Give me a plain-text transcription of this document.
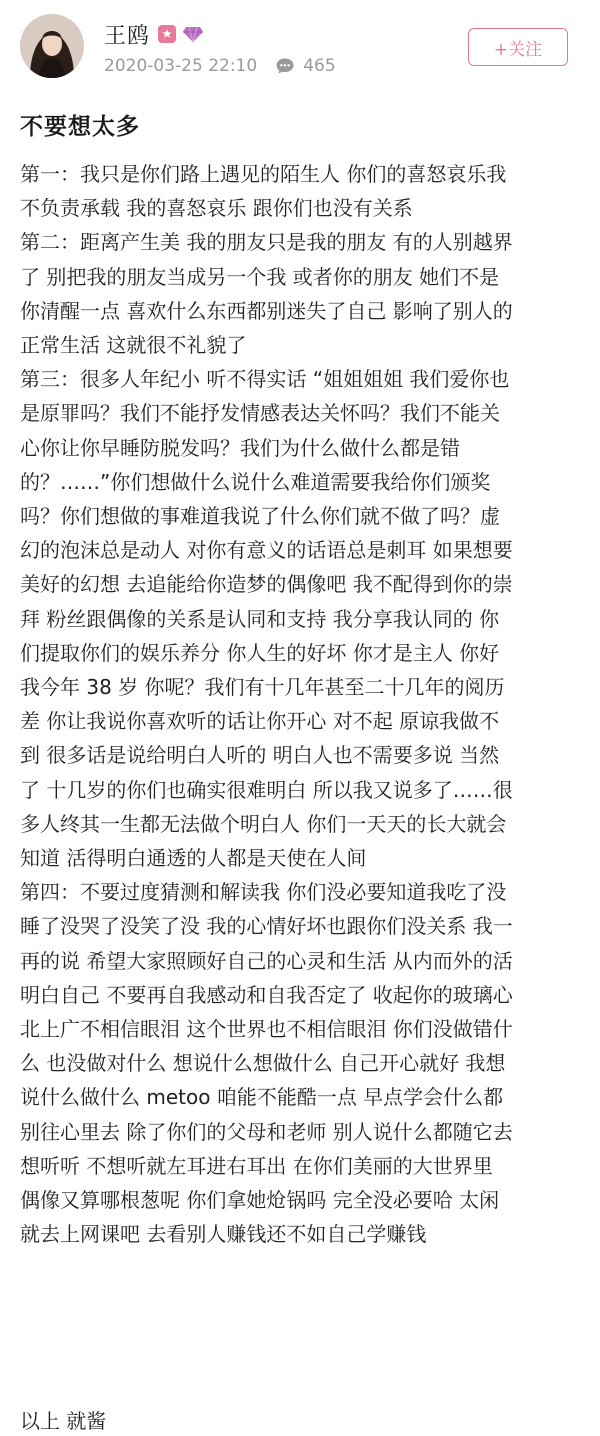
王鸥
2020-03-25 22:10	465
+关注
不要想太多
第一：我只是你们路上遇见的陌生人 你们的喜怒哀乐我
不负责承载 我的喜怒哀乐 跟你们也没有关系
第二：距离产生美 我的朋友只是我的朋友 有的人别越界
了 别把我的朋友当成另一个我 或者你的朋友 她们不是
你清醒一点 喜欢什么东西都别迷失了自己 影响了别人的
正常生活 这就很不礼貌了
第三：很多人年纪小 听不得实话 “姐姐姐姐 我们爱你也
是原罪吗？我们不能抒发情感表达关怀吗？我们不能关
心你让你早睡防脱发吗？我们为什么做什么都是错
的？……”你们想做什么说什么难道需要我给你们颁奖
吗？你们想做的事难道我说了什么你们就不做了吗？虚
幻的泡沫总是动人 对你有意义的话语总是刺耳 如果想要
美好的幻想 去追能给你造梦的偶像吧 我不配得到你的崇
拜 粉丝跟偶像的关系是认同和支持 我分享我认同的 你
们提取你们的娱乐养分 你人生的好坏 你才是主人 你好
我今年 38 岁 你呢？我们有十几年甚至二十几年的阅历
差 你让我说你喜欢听的话让你开心 对不起 原谅我做不
到 很多话是说给明白人听的 明白人也不需要多说 当然
了 十几岁的你们也确实很难明白 所以我又说多了……很
多人终其一生都无法做个明白人 你们一天天的长大就会
知道 活得明白通透的人都是天使在人间
第四：不要过度猜测和解读我 你们没必要知道我吃了没
睡了没哭了没笑了没 我的心情好坏也跟你们没关系 我一
再的说 希望大家照顾好自己的心灵和生活 从内而外的活
明白自己 不要再自我感动和自我否定了 收起你的玻璃心
北上广不相信眼泪 这个世界也不相信眼泪 你们没做错什
么 也没做对什么 想说什么想做什么 自己开心就好 我想
说什么做什么 metoo 咱能不能酷一点 早点学会什么都
别往心里去 除了你们的父母和老师 别人说什么都随它去
想听听 不想听就左耳进右耳出 在你们美丽的大世界里
偶像又算哪根葱呢 你们拿她炝锅吗 完全没必要哈 太闲
就去上网课吧 去看别人赚钱还不如自己学赚钱
以上 就酱
